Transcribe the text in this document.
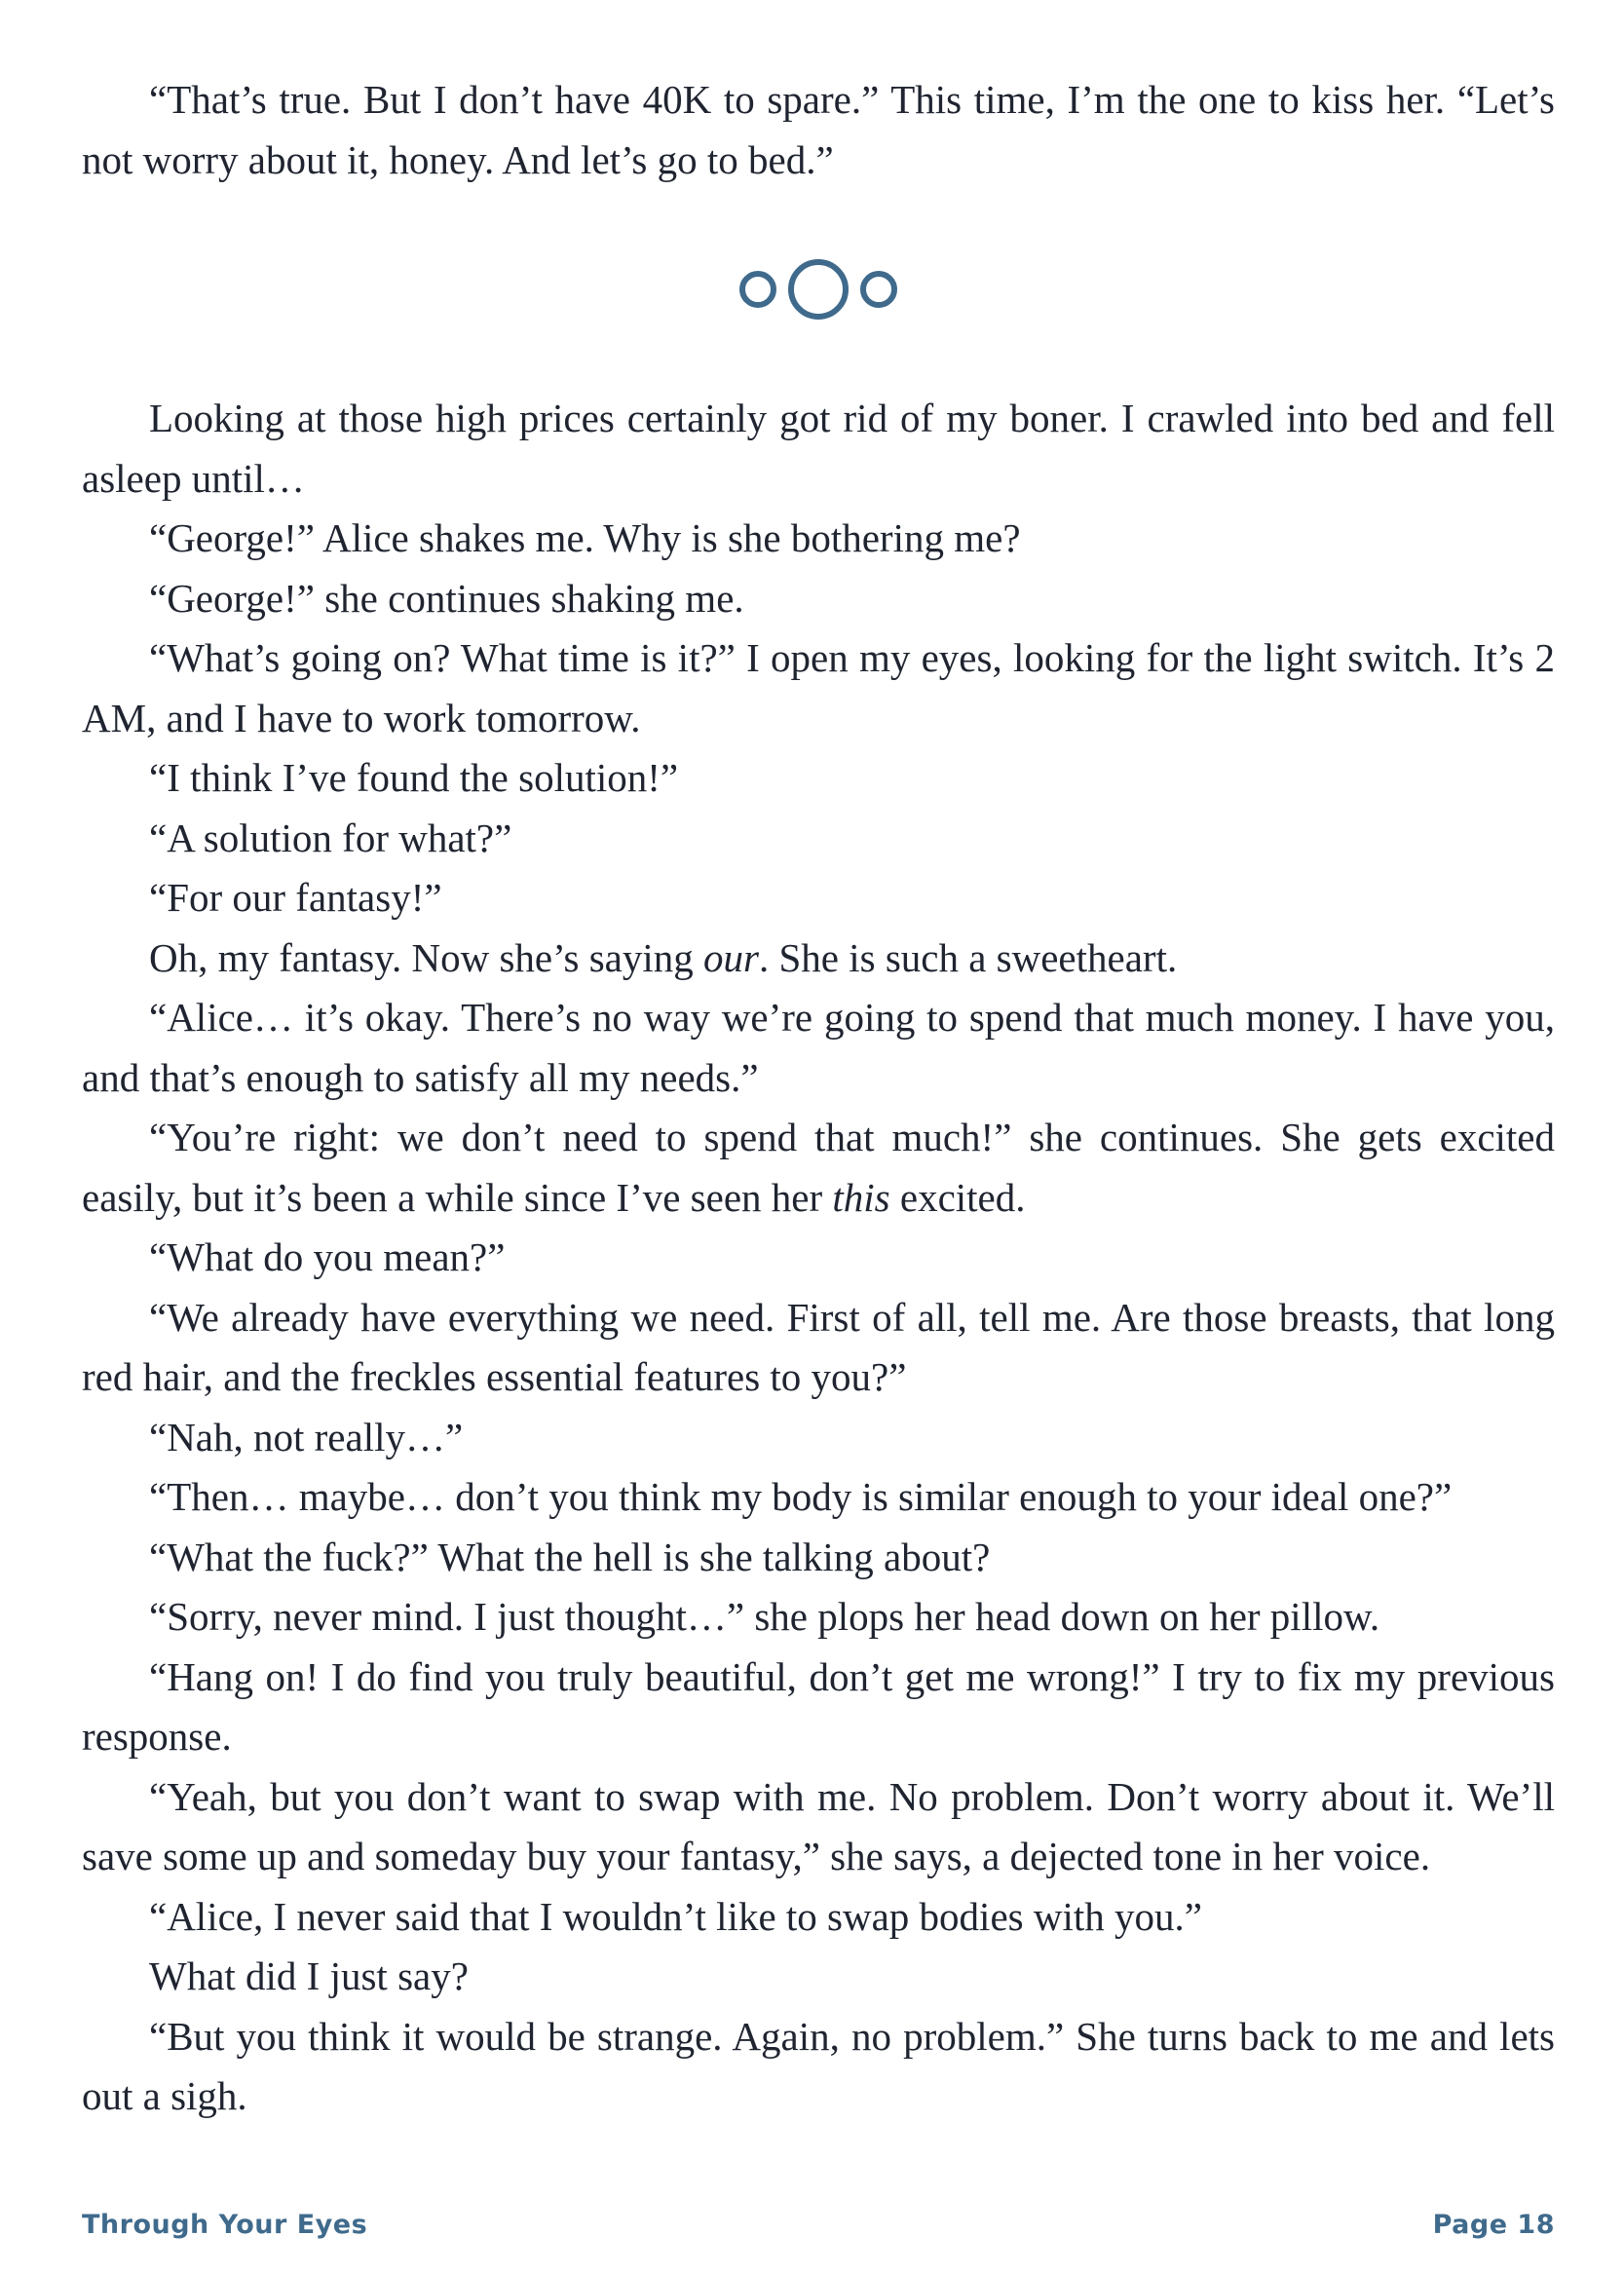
“That’s true. But I don’t have 40K to spare.” This time, I’m the one to kiss her. “Let’s not worry about it, honey. And let’s go to bed.”

Looking at those high prices certainly got rid of my boner. I crawled into bed and fell asleep until…

“George!” Alice shakes me. Why is she bothering me?

“George!” she continues shaking me.

“What’s going on? What time is it?” I open my eyes, looking for the light switch. It’s 2 AM, and I have to work tomorrow.

“I think I’ve found the solution!”

“A solution for what?”

“For our fantasy!”

Oh, my fantasy. Now she’s saying our. She is such a sweetheart.

“Alice… it’s okay. There’s no way we’re going to spend that much money. I have you, and that’s enough to satisfy all my needs.”

“You’re right: we don’t need to spend that much!” she continues. She gets excited easily, but it’s been a while since I’ve seen her this excited.

“What do you mean?”

“We already have everything we need. First of all, tell me. Are those breasts, that long red hair, and the freckles essential features to you?”

“Nah, not really…”

“Then… maybe… don’t you think my body is similar enough to your ideal one?”

“What the fuck?” What the hell is she talking about?

“Sorry, never mind. I just thought…” she plops her head down on her pillow.

“Hang on! I do find you truly beautiful, don’t get me wrong!” I try to fix my previous response.

“Yeah, but you don’t want to swap with me. No problem. Don’t worry about it. We’ll save some up and someday buy your fantasy,” she says, a dejected tone in her voice.

“Alice, I never said that I wouldn’t like to swap bodies with you.”

What did I just say?

“But you think it would be strange. Again, no problem.” She turns back to me and lets out a sigh.

Through Your Eyes	Page 18
